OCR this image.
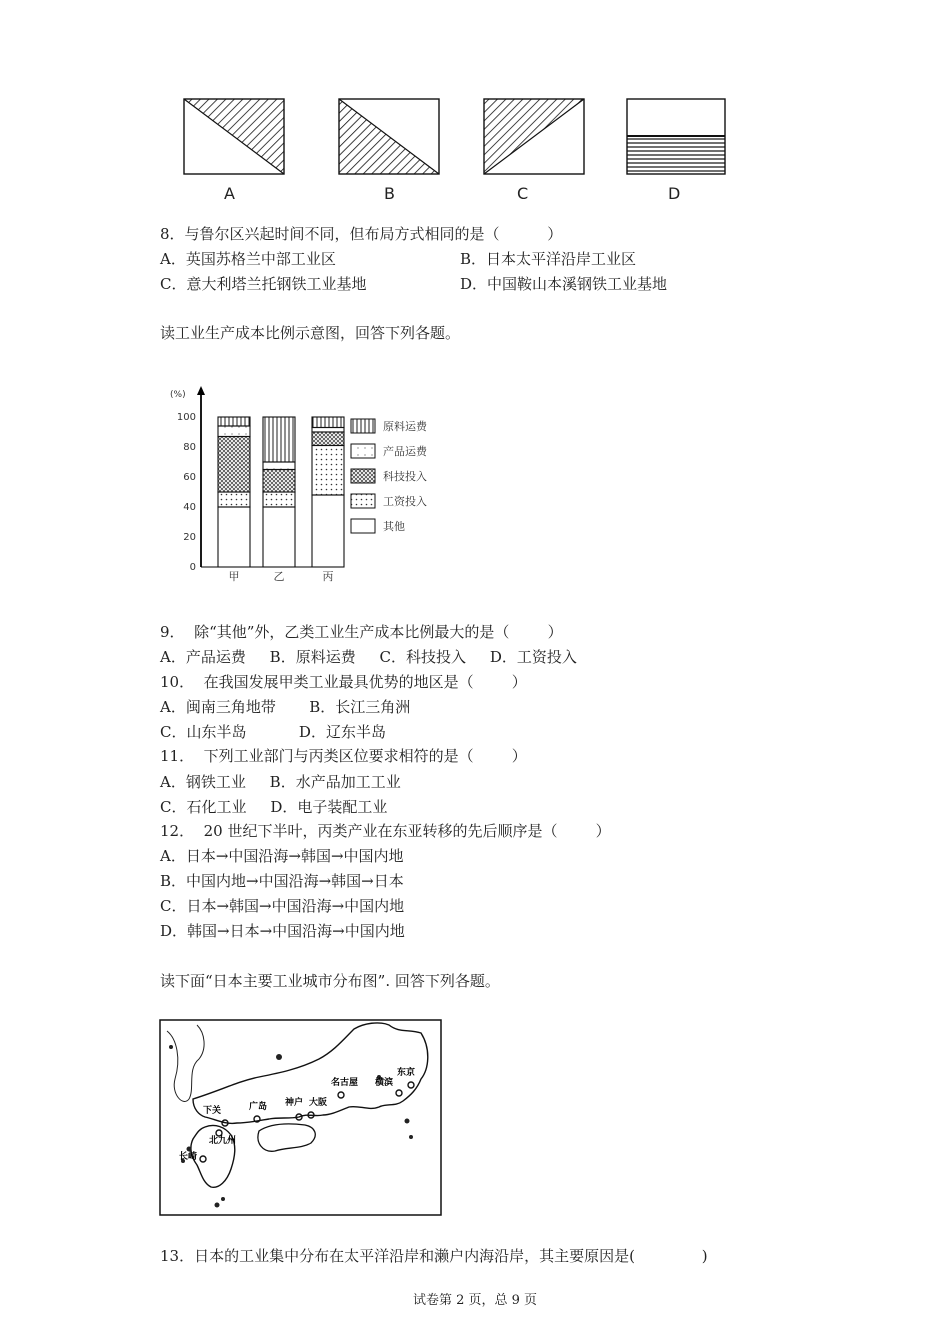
A	B	C	D
8．与鲁尔区兴起时间不同，但布局方式相同的是（          ）
A．英国苏格兰中部工业区	B．日本太平洋沿岸工业区
C．意大利塔兰托钢铁工业基地	D．中国鞍山本溪钢铁工业基地
读工业生产成本比例示意图，回答下列各题。
(%)
0
20
40
60
80
100
甲	乙	丙
原料运费
产品运费
科技投入
工资投入
其他
9．  除“其他”外，乙类工业生产成本比例最大的是（        ）
A．产品运费     B．原料运费     C．科技投入     D．工资投入
10．  在我国发展甲类工业最具优势的地区是（        ）
A．闽南三角地带       B．长江三角洲
C．山东半岛           D．辽东半岛
11．  下列工业部门与丙类区位要求相符的是（        ）
A．钢铁工业     B．水产品加工工业
C．石化工业     D．电子装配工业
12．  20 世纪下半叶，丙类产业在东亚转移的先后顺序是（        ）
A．日本→中国沿海→韩国→中国内地
B．中国内地→中国沿海→韩国→日本
C．日本→韩国→中国沿海→中国内地
D．韩国→日本→中国沿海→中国内地
读下面“日本主要工业城市分布图”. 回答下列各题。
东京
横滨
名古屋
大阪
神户
广岛
下关
北九州
长崎
13．日本的工业集中分布在太平洋沿岸和濑户内海沿岸，其主要原因是(              )
试卷第 2 页，总 9 页
